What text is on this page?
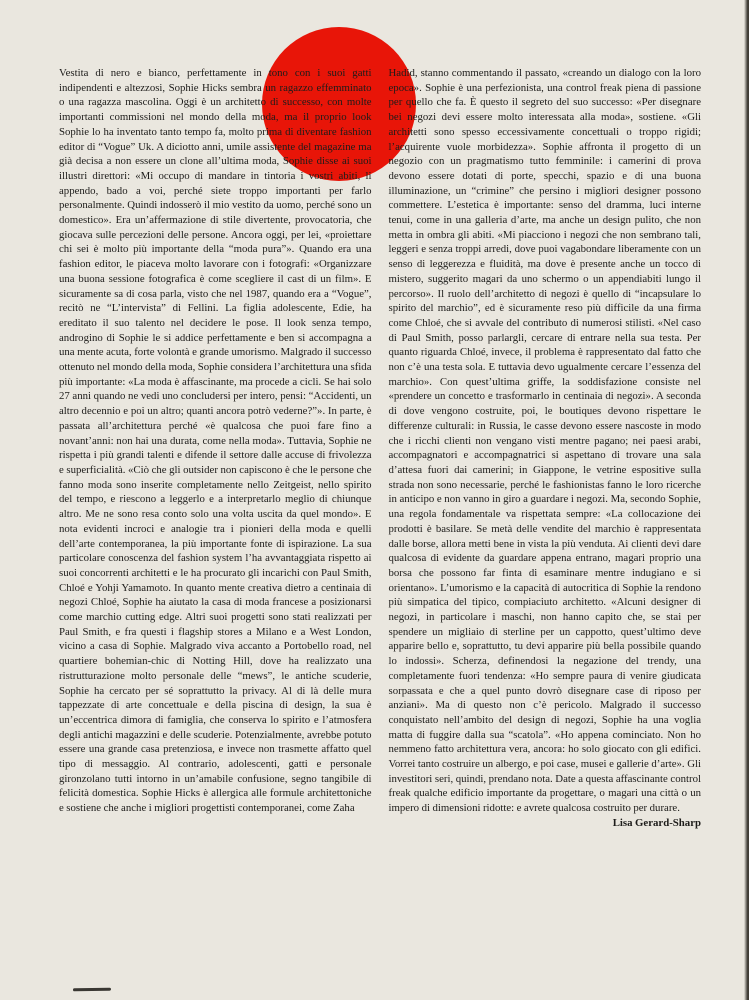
Vestita di nero e bianco, perfettamente in tono con i suoi gatti indipendenti e altezzosi, Sophie Hicks sembra un ragazzo effemminato o una ragazza mascolina. Oggi è un architetto di successo, con molte importanti commissioni nel mondo della moda, ma il proprio look Sophie lo ha inventato tanto tempo fa, molto prima di diventare fashion editor di “Vogue” Uk. A diciotto anni, umile assistente del magazine ma già decisa a non essere un clone all’ultima moda, Sophie disse ai suoi illustri direttori: «Mi occupo di mandare in tintoria i vostri abiti, li appendo, bado a voi, perché siete troppo importanti per farlo personalmente. Quindi indosserò il mio vestito da uomo, perché sono un domestico». Era un’affermazione di stile divertente, provocatoria, che giocava sulle percezioni delle persone. Ancora oggi, per lei, «proiettare chi sei è molto più importante della “moda pura”». Quando era una fashion editor, le piaceva molto lavorare con i fotografi: «Organizzare una buona sessione fotografica è come scegliere il cast di un film». E sicuramente sa di cosa parla, visto che nel 1987, quando era a “Vogue”, recitò ne “L’intervista” di Fellini. La figlia adolescente, Edie, ha ereditato il suo talento nel decidere le pose. Il look senza tempo, androgino di Sophie le si addice perfettamente e ben si accompagna a una mente acuta, forte volontà e grande umorismo. Malgrado il successo ottenuto nel mondo della moda, Sophie considera l’architettura una sfida più importante: «La moda è affascinante, ma procede a cicli. Se hai solo 27 anni quando ne vedi uno concludersi per intero, pensi: “Accidenti, un altro decennio e poi un altro; quanti ancora potrò vederne?”». In parte, è passata all’architettura perché «è qualcosa che puoi fare fino a novant’anni: non hai una durata, come nella moda». Tuttavia, Sophie ne rispetta i più grandi talenti e difende il settore dalle accuse di frivolezza e superficialità. «Ciò che gli outsider non capiscono è che le persone che fanno moda sono inserite completamente nello Zeitgeist, nello spirito del tempo, e riescono a leggerlo e a interpretarlo meglio di chiunque altro. Me ne sono resa conto solo una volta uscita da quel mondo». E nota evidenti incroci e analogie tra i pionieri della moda e quelli dell’arte contemporanea, la più importante fonte di ispirazione. La sua particolare conoscenza del fashion system l’ha avvantaggiata rispetto ai suoi concorrenti architetti e le ha procurato gli incarichi con Paul Smith, Chloé e Yohji Yamamoto. In quanto mente creativa dietro a centinaia di negozi Chloé, Sophie ha aiutato la casa di moda francese a posizionarsi come marchio cutting edge. Altri suoi progetti sono stati realizzati per Paul Smith, e fra questi i flagship stores a Milano e a West London, vicino a casa di Sophie. Malgrado viva accanto a Portobello road, nel quartiere bohemian-chic di Notting Hill, dove ha realizzato una ristrutturazione molto personale delle “mews”, le antiche scuderie, Sophie ha cercato per sé soprattutto la privacy. Al di là delle mura tappezzate di arte concettuale e della piscina di design, la sua è un’eccentrica dimora di famiglia, che conserva lo spirito e l’atmosfera degli antichi magazzini e delle scuderie. Potenzialmente, avrebbe potuto essere una grande casa pretenziosa, e invece non trasmette affatto quel tipo di messaggio. Al contrario, adolescenti, gatti e personale gironzolano tutti intorno in un’amabile confusione, segno tangibile di felicità domestica. Sophie Hicks è allergica alle formule architettoniche e sostiene che anche i migliori progettisti contemporanei, come Zaha
Hadid, stanno commentando il passato, «creando un dialogo con la loro epoca». Sophie è una perfezionista, una control freak piena di passione per quello che fa. È questo il segreto del suo successo: «Per disegnare bei negozi devi essere molto interessata alla moda», sostiene. «Gli architetti sono spesso eccessivamente concettuali o troppo rigidi; l’acquirente vuole morbidezza». Sophie affronta il progetto di un negozio con un pragmatismo tutto femminile: i camerini di prova devono essere dotati di porte, specchi, spazio e di una buona illuminazione, un “crimine” che persino i migliori designer possono commettere. L’estetica è importante: senso del dramma, luci interne tenui, come in una galleria d’arte, ma anche un design pulito, che non metta in ombra gli abiti. «Mi piacciono i negozi che non sembrano tali, leggeri e senza troppi arredi, dove puoi vagabondare liberamente con un senso di leggerezza e fluidità, ma dove è presente anche un tocco di mistero, suggerito magari da uno schermo o un appendiabiti lungo il percorso». Il ruolo dell’architetto di negozi è quello di “incapsulare lo spirito del marchio”, ed è sicuramente reso più difficile da una firma come Chloé, che si avvale del contributo di numerosi stilisti. «Nel caso di Paul Smith, posso parlargli, cercare di entrare nella sua testa. Per quanto riguarda Chloé, invece, il problema è rappresentato dal fatto che non c’è una testa sola. E tuttavia devo ugualmente cercare l’essenza del marchio». Con quest’ultima griffe, la soddisfazione consiste nel «prendere un concetto e trasformarlo in centinaia di negozi». A seconda di dove vengono costruite, poi, le boutiques devono rispettare le differenze culturali: in Russia, le casse devono essere nascoste in modo che i ricchi clienti non vengano visti mentre pagano; nei paesi arabi, accompagnatori e accompagnatrici si aspettano di trovare una sala d’attesa fuori dai camerini; in Giappone, le vetrine espositive sulla strada non sono necessarie, perché le fashionistas fanno le loro ricerche in anticipo e non vanno in giro a guardare i negozi. Ma, secondo Sophie, una regola fondamentale va rispettata sempre: «La collocazione dei prodotti è basilare. Se metà delle vendite del marchio è rappresentata dalle borse, allora metti bene in vista la più venduta. Ai clienti devi dare qualcosa di evidente da guardare appena entrano, magari proprio una borsa che possono far finta di esaminare mentre indugiano e si orientano». L’umorismo e la capacità di autocritica di Sophie la rendono più simpatica del tipico, compiaciuto architetto. «Alcuni designer di negozi, in particolare i maschi, non hanno capito che, se stai per spendere un migliaio di sterline per un cappotto, quest’ultimo deve apparire bello e, soprattutto, tu devi apparire più bella possibile quando lo indossi». Scherza, definendosi la negazione del trendy, una completamente fuori tendenza: «Ho sempre paura di venire giudicata sorpassata e che a quel punto dovrò disegnare case di riposo per anziani». Ma di questo non c’è pericolo. Malgrado il successo conquistato nell’ambito del design di negozi, Sophie ha una voglia matta di fuggire dalla sua “scatola”. «Ho appena cominciato. Non ho nemmeno fatto architettura vera, ancora: ho solo giocato con gli edifici. Vorrei tanto costruire un albergo, e poi case, musei e gallerie d’arte». Gli investitori seri, quindi, prendano nota. Date a questa affascinante control freak qualche edificio importante da progettare, o magari una città o un impero di dimensioni ridotte: e avrete qualcosa costruito per durare.
Lisa Gerard-Sharp
